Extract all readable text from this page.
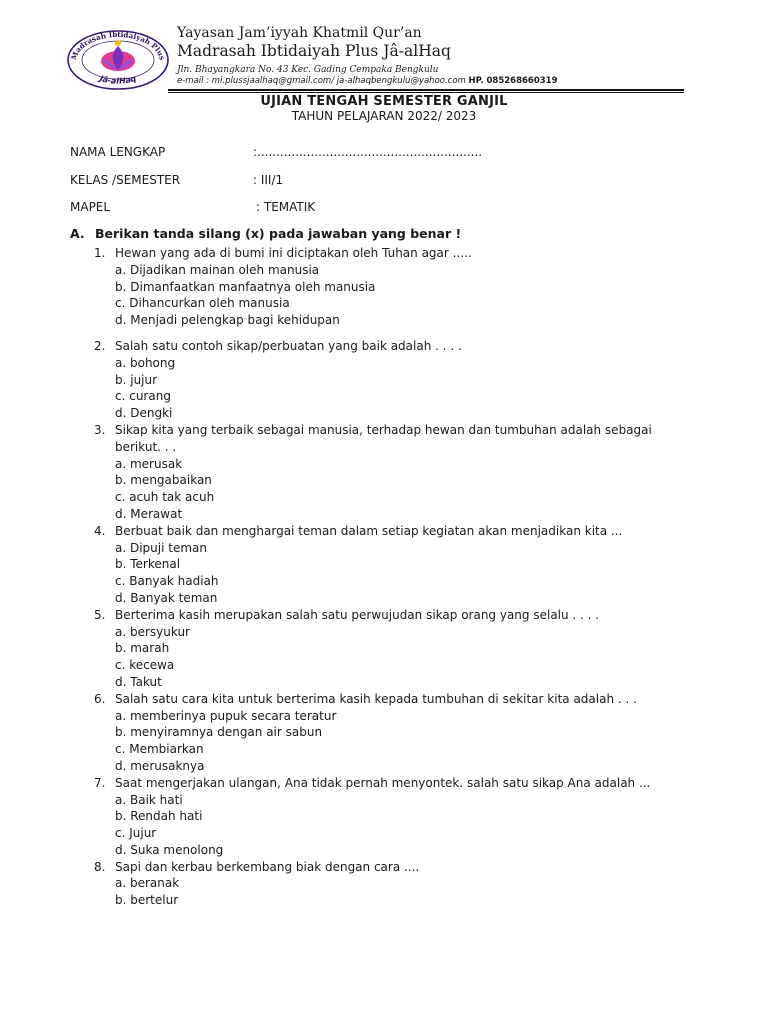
Madrasah Ibtidaiyah Plus
Jâ-alHaq
Yayasan Jam’iyyah Khatmil Qur’an
Madrasah Ibtidaiyah Plus Jâ-alHaq
Jln. Bhayangkara No. 43 Kec. Gading Cempaka Bengkulu
e-mail : mi.plussjaalhaq@gmail.com/ ja-alhaqbengkulu@yahoo.com HP. 085268660319
UJIAN TENGAH SEMESTER GANJIL
TAHUN PELAJARAN 2022/ 2023
NAMA LENGKAP	:...........................................................
KELAS /SEMESTER	: III/1
MAPEL	: TEMATIK
A. Berikan tanda silang (x) pada jawaban yang benar !
1. Hewan yang ada di bumi ini diciptakan oleh Tuhan agar .....
a. Dijadikan mainan oleh manusia
b. Dimanfaatkan manfaatnya oleh manusia
c. Dihancurkan oleh manusia
d. Menjadi pelengkap bagi kehidupan
2. Salah satu contoh sikap/perbuatan yang baik adalah . . . .
a. bohong
b. jujur
c. curang
d. Dengki
3. Sikap kita yang terbaik sebagai manusia, terhadap hewan dan tumbuhan adalah sebagai berikut. . .
a. merusak
b. mengabaikan
c. acuh tak acuh
d. Merawat
4. Berbuat baik dan menghargai teman dalam setiap kegiatan akan menjadikan kita ...
a. Dipuji teman
b. Terkenal
c. Banyak hadiah
d. Banyak teman
5. Berterima kasih merupakan salah satu perwujudan sikap orang yang selalu . . . .
a. bersyukur
b. marah
c. kecewa
d. Takut
6. Salah satu cara kita untuk berterima kasih kepada tumbuhan di sekitar kita adalah . . .
a. memberinya pupuk secara teratur
b. menyiramnya dengan air sabun
c. Membiarkan
d. merusaknya
7. Saat mengerjakan ulangan, Ana tidak pernah menyontek. salah satu sikap Ana adalah ...
a. Baik hati
b. Rendah hati
c. Jujur
d. Suka menolong
8. Sapi dan kerbau berkembang biak dengan cara ....
a. beranak
b. bertelur
